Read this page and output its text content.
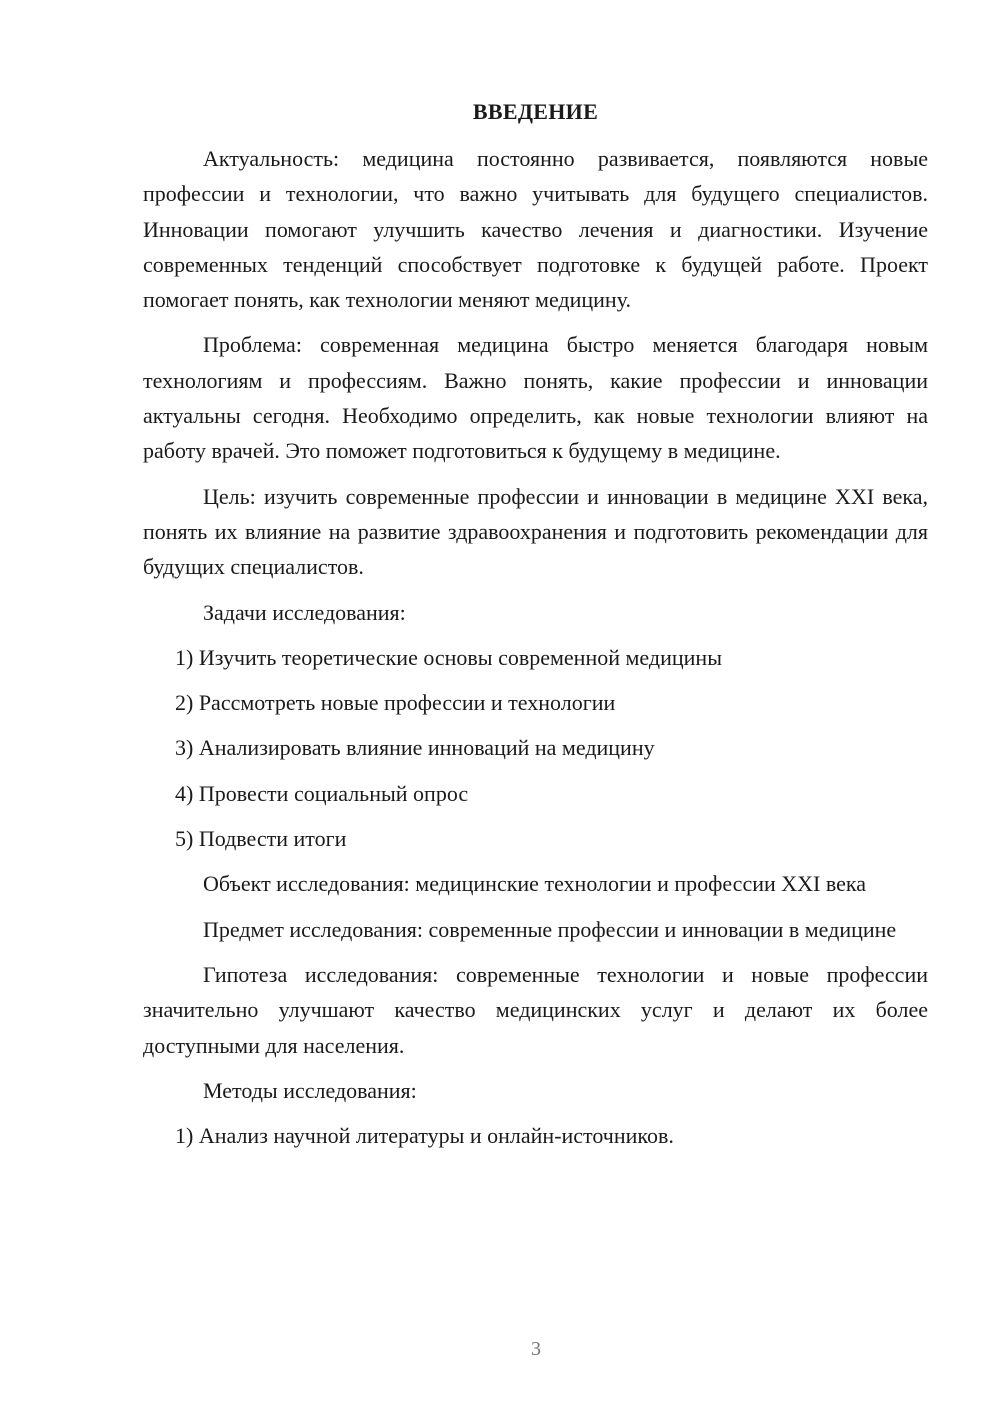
ВВЕДЕНИЕ

Актуальность: медицина постоянно развивается, появляются новые профессии и технологии, что важно учитывать для будущего специалистов. Инновации помогают улучшить качество лечения и диагностики. Изучение современных тенденций способствует подготовке к будущей работе. Проект помогает понять, как технологии меняют медицину.

Проблема: современная медицина быстро меняется благодаря новым технологиям и профессиям. Важно понять, какие профессии и инновации актуальны сегодня. Необходимо определить, как новые технологии влияют на работу врачей. Это поможет подготовиться к будущему в медицине.

Цель: изучить современные профессии и инновации в медицине XXI века, понять их влияние на развитие здравоохранения и подготовить рекомендации для будущих специалистов.

Задачи исследования:

1) Изучить теоретические основы современной медицины

2) Рассмотреть новые профессии и технологии

3) Анализировать влияние инноваций на медицину

4) Провести социальный опрос

5) Подвести итоги

Объект исследования: медицинские технологии и профессии XXI века

Предмет исследования: современные профессии и инновации в медицине

Гипотеза исследования: современные технологии и новые профессии значительно улучшают качество медицинских услуг и делают их более доступными для населения.

Методы исследования:

1) Анализ научной литературы и онлайн-источников.

3
